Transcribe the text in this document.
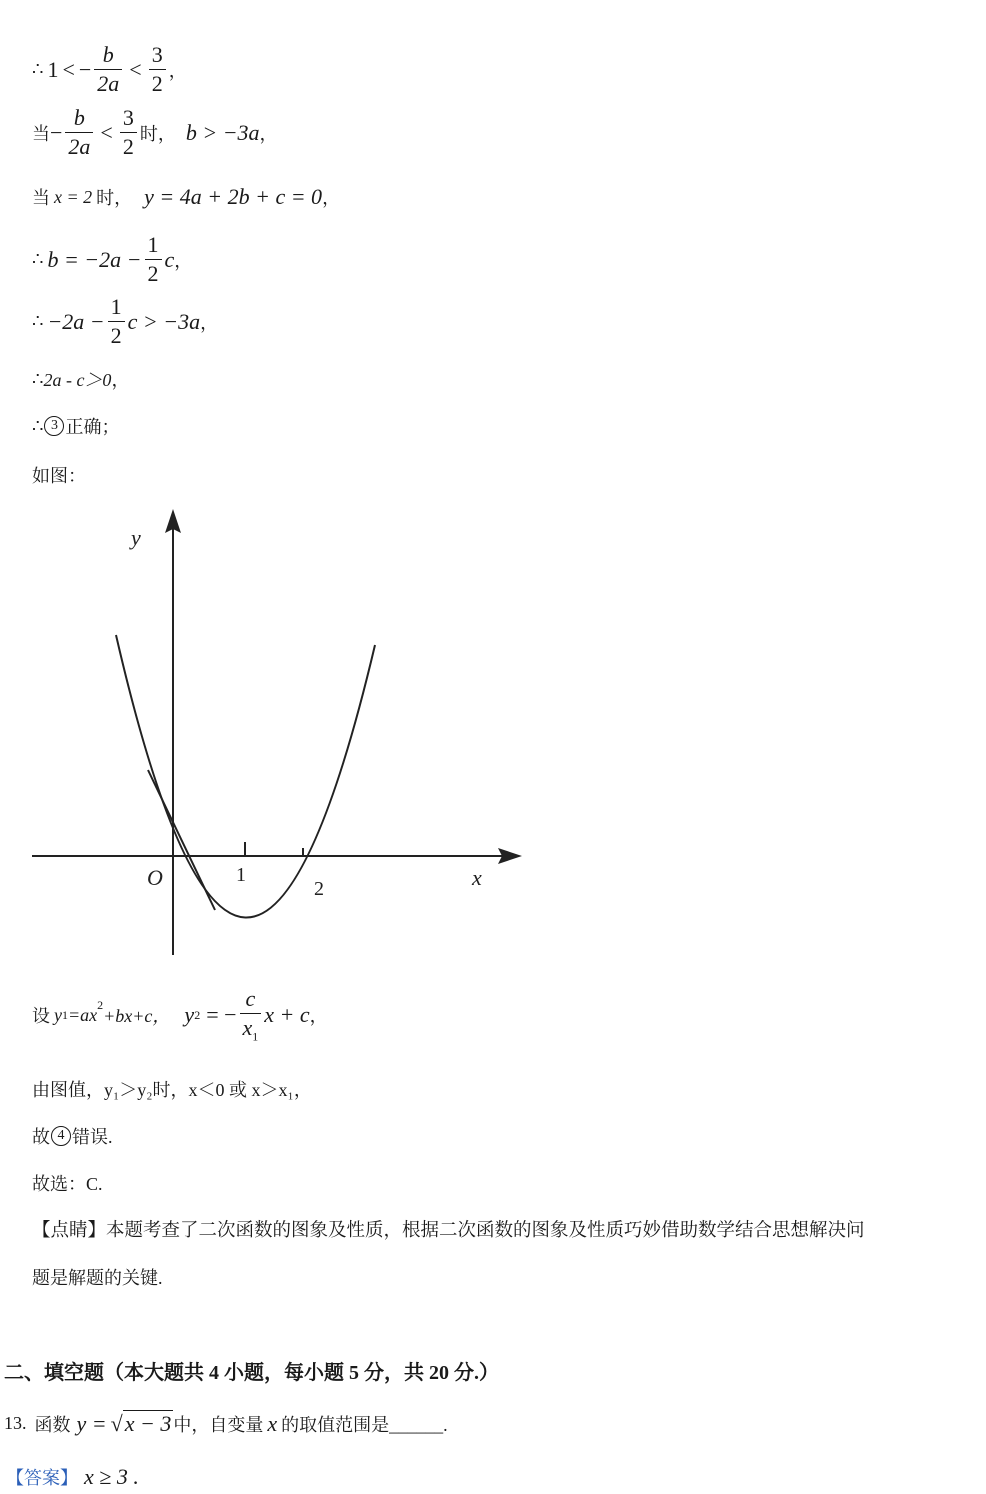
∴ 1 < − $\frac{b}{2a} < \frac{3}{2}$ ，
当 − $\frac{b}{2a} < \frac{3}{2}$ 时， b > −3a ，
当 x = 2 时， y = 4a + 2b + c = 0 ，
∴ $b = -2a - \frac{1}{2}$ c ，
∴ $-2a - \frac{1}{2}$ c > −3a ，
∴ 2a ‑ c＞0 ，
∴ 3 正确；
如图：
y
x
O	1
2
设 y $1 =ax^2$
+bx+c， y 2 = − $\frac{c}{x_1}$ x + c ，
由图值，y₁＞y₂时，x＜0 或 x＞x₁，
故 4 错误.
故选：C.
【点睛】本题考查了二次函数的图象及性质，根据二次函数的图象及性质巧妙借助数学结合思想解决问
题是解题的关键.
二、填空题（本大题共 4 小题，每小题 5 分，共 20 分.）
13. 函数 y = √ x − 3 中，自变量 x 的取值范围是______.
【答案】 x ≥ 3 .
